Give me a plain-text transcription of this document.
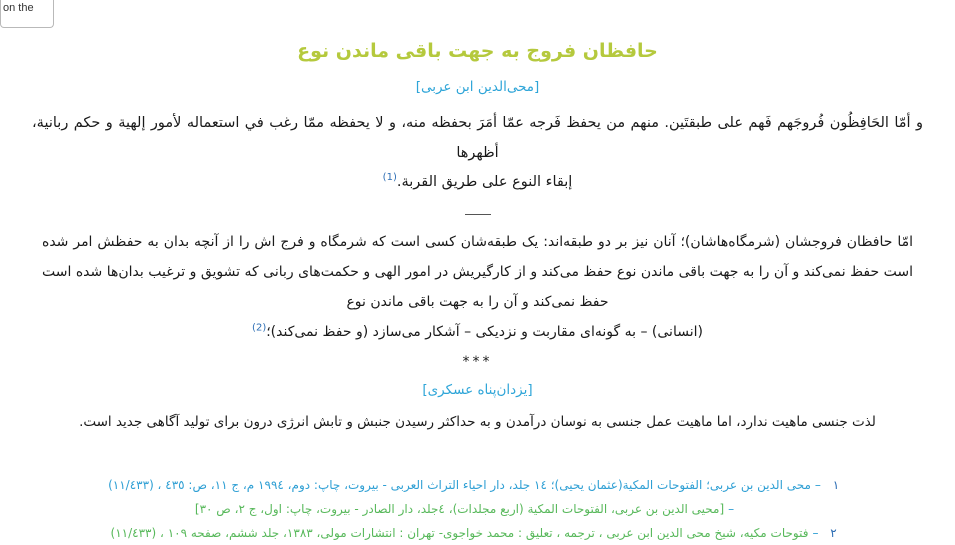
on the
حافظان فروج به جهت باقی ماندن نوع
[محی‌الدین ابن عربی]
و أمّا الحَافِظُون فُروجَهم فَهم على طبقتَين. منهم من يحفظ فَرجه عمّا أمَرَ بحفظه منه، و لا يحفظه ممّا رغب في استعماله لأمور إلهية و حكم ربانية، أظهرها
إبقاء النوع على طريق القربة.$^{(1)}$
امّا حافظان فروجشان (شرمگاه‌هاشان)؛ آنان نیز بر دو طبقه‌اند: یک طبقه‌شان کسی است که شرمگاه و فرج اش را از آنچه بدان به حفظش امر شده است حفظ نمی‌کند و آن را به جهت باقی ماندن نوع حفظ می‌کند و از کارگیریش در امور الهی و حکمت‌های ربانی که تشویق و ترغیب بدان‌ها شده است حفظ نمی‌کند و آن را به جهت باقی ماندن نوع
(انسانی) – به گونه‌ای مقاربت و نزدیکی – آشکار می‌سازد (و حفظ نمی‌کند)؛$^{(2)}$
***
[یزدان‌پناه عسکری]
لذت جنسی ماهیت ندارد، اما ماهیت عمل جنسی به نوسان درآمدن و به حداکثر رسیدن جنبش و تابش انرژی درون برای تولید آگاهی جدید است.
١
–
محی الدین بن عربی؛ الفتوحات المکیة(عثمان یحیی)؛ ١٤ جلد، دار احیاء التراث العربی - بیروت، چاپ: دوم، ١٩٩٤ م، ج ١١، ص: ٤٣٥ ، (١١/٤٣٣)
–
[محیی الدین بن عربی، الفتوحات المکیة (اربع مجلدات)، ٤‌جلد، دار الصادر - بیروت، چاپ: اول، ج ٢، ص ٣٠]
٢
–
فتوحات مکیه، شیخ محی الدین ابن عربی ، ترجمه ، تعلیق : محمد خواجوی- تهران : انتشارات مولی، ١٣٨٣، جلد ششم، صفحه ١٠٩ ، (١١/٤٣٣)
